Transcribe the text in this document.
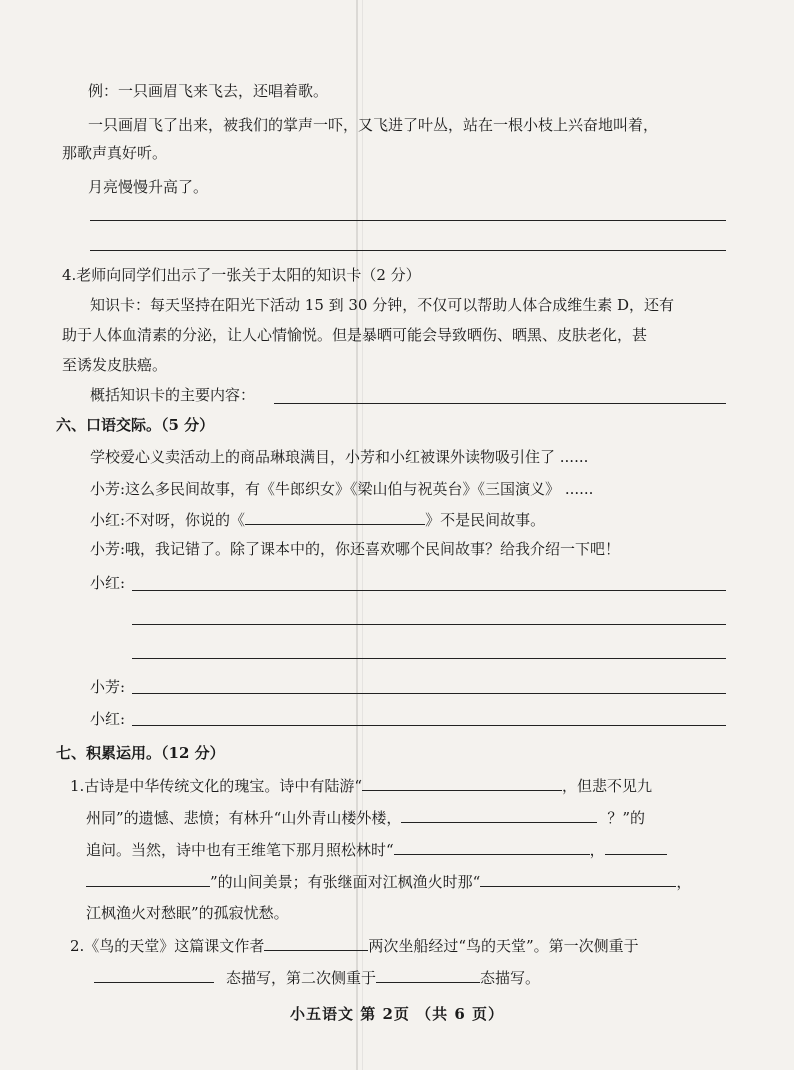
例：一只画眉飞来飞去，还唱着歌。
一只画眉飞了出来，被我们的掌声一吓，又飞进了叶丛，站在一根小枝上兴奋地叫着，
那歌声真好听。
月亮慢慢升高了。
4.老师向同学们出示了一张关于太阳的知识卡（2 分）
知识卡：每天坚持在阳光下活动 15 到 30 分钟，不仅可以帮助人体合成维生素 D，还有
助于人体血清素的分泌，让人心情愉悦。但是暴晒可能会导致晒伤、晒黑、皮肤老化，甚
至诱发皮肤癌。
概括知识卡的主要内容：
六、口语交际。（5 分）
学校爱心义卖活动上的商品琳琅满目，小芳和小红被课外读物吸引住了 ......
小芳:这么多民间故事，有《牛郎织女》《梁山伯与祝英台》《三国演义》 ......
小红:不对呀，你说的《	》不是民间故事。
小芳:哦，我记错了。除了课本中的，你还喜欢哪个民间故事？给我介绍一下吧！
小红:
小芳:
小红:
七、积累运用。（12 分）
1.古诗是中华传统文化的瑰宝。诗中有陆游“	，但悲不见九
州同”的遗憾、悲愤；有林升“山外青山楼外楼，	？”的
追问。当然，诗中也有王维笔下那月照松林时“	，
”的山间美景；有张继面对江枫渔火时那“	，
江枫渔火对愁眠”的孤寂忧愁。
2.《鸟的天堂》这篇课文作者	两次坐船经过“鸟的天堂”。第一次侧重于
态描写，第二次侧重于	态描写。
小五语文 第 2页 （共 6 页）
